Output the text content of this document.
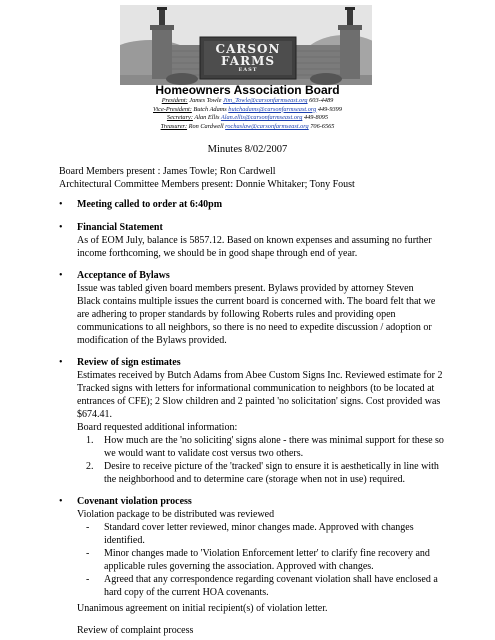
CARSON
FARMS
EAST
Homeowners Association Board
President: James Towle Jim_Towle@carsonfarmseast.org 603-4489
Vice-President: Butch Adams butchadams@carsonfarmseast.org 449-9399
Secretary: Alan Ellis Alan.ellis@carsonfarmseast.org 449-8095
Treasurer: Ron Cardwell rochaslaw@carsonfarmseast.org 706-6565
Minutes 8/02/2007
Board Members present : James Towle; Ron Cardwell
Architectural Committee Members present: Donnie Whitaker; Tony Foust
• Meeting called to order at 6:40pm
• Financial Statement
As of EOM July, balance is 5857.12. Based on known expenses and assuming no further
income forthcoming, we should be in good shape through end of year.
• Acceptance of Bylaws
Issue was tabled given board members present. Bylaws provided by attorney Steven
Black contains multiple issues the current board is concerned with. The board felt that we
are adhering to proper standards by following Roberts rules and providing open
communications to all neighbors, so there is no need to expedite discussion / adoption or
modification of the Bylaws provided.
• Review of sign estimates
Estimates received by Butch Adams from Abee Custom Signs Inc. Reviewed estimate for 2
Tracked signs with letters for informational communication to neighbors (to be located at
entrances of CFE); 2 Slow children and 2 painted 'no solicitation' signs. Cost provided was
$674.41.
Board requested additional information:
1. How much are the 'no soliciting' signs alone - there was minimal support for these so
we would want to validate cost versus two others.
2. Desire to receive picture of the 'tracked' sign to ensure it is aesthetically in line with
the neighborhood and to determine care (storage when not in use) required.
• Covenant violation process
Violation package to be distributed was reviewed
- Standard cover letter reviewed, minor changes made. Approved with changes
identified.
- Minor changes made to 'Violation Enforcement letter' to clarify fine recovery and
applicable rules governing the association. Approved with changes.
- Agreed that any correspondence regarding covenant violation shall have enclosed a
hard copy of the current HOA covenants.
Unanimous agreement on initial recipient(s) of violation letter.
Review of complaint process
